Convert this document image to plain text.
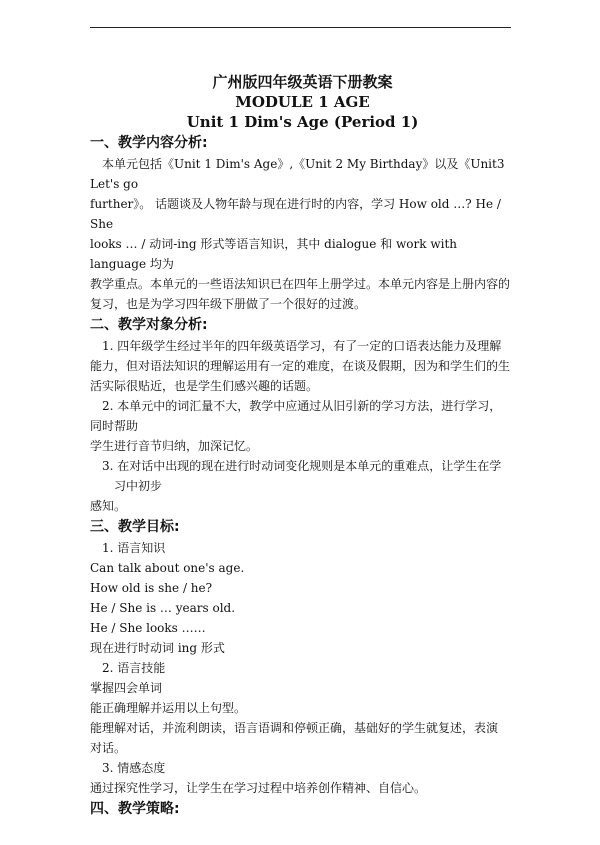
广州版四年级英语下册教案

MODULE 1 AGE

Unit 1 Dim's Age (Period 1)

一、教学内容分析:

本单元包括《Unit 1 Dim's Age》,《Unit 2 My Birthday》以及《Unit3 Let's go

further》。 话题谈及人物年龄与现在进行时的内容，学习 How old …? He / She

looks … / 动词-ing 形式等语言知识，其中 dialogue 和 work with language 均为

教学重点。本单元的一些语法知识已在四年上册学过。本单元内容是上册内容的

复习，也是为学习四年级下册做了一个很好的过渡。

二、教学对象分析:

1. 四年级学生经过半年的四年级英语学习，有了一定的口语表达能力及理解

能力，但对语法知识的理解运用有一定的难度，在谈及假期，因为和学生们的生

活实际很贴近，也是学生们感兴趣的话题。

2. 本单元中的词汇量不大，教学中应通过从旧引新的学习方法，进行学习，

同时帮助

学生进行音节归纳，加深记忆。

3. 在对话中出现的现在进行时动词变化规则是本单元的重难点，让学生在学

习中初步

感知。

三、教学目标:

1. 语言知识

Can talk about one's age.

How old is she / he?

He / She is … years old.

He / She looks ……

现在进行时动词 ing 形式

2. 语言技能

掌握四会单词

能正确理解并运用以上句型。

能理解对话，并流利朗读，语言语调和停顿正确，基础好的学生就复述，表演

对话。

3. 情感态度

通过探究性学习，让学生在学习过程中培养创作精神、自信心。

四、教学策略:
